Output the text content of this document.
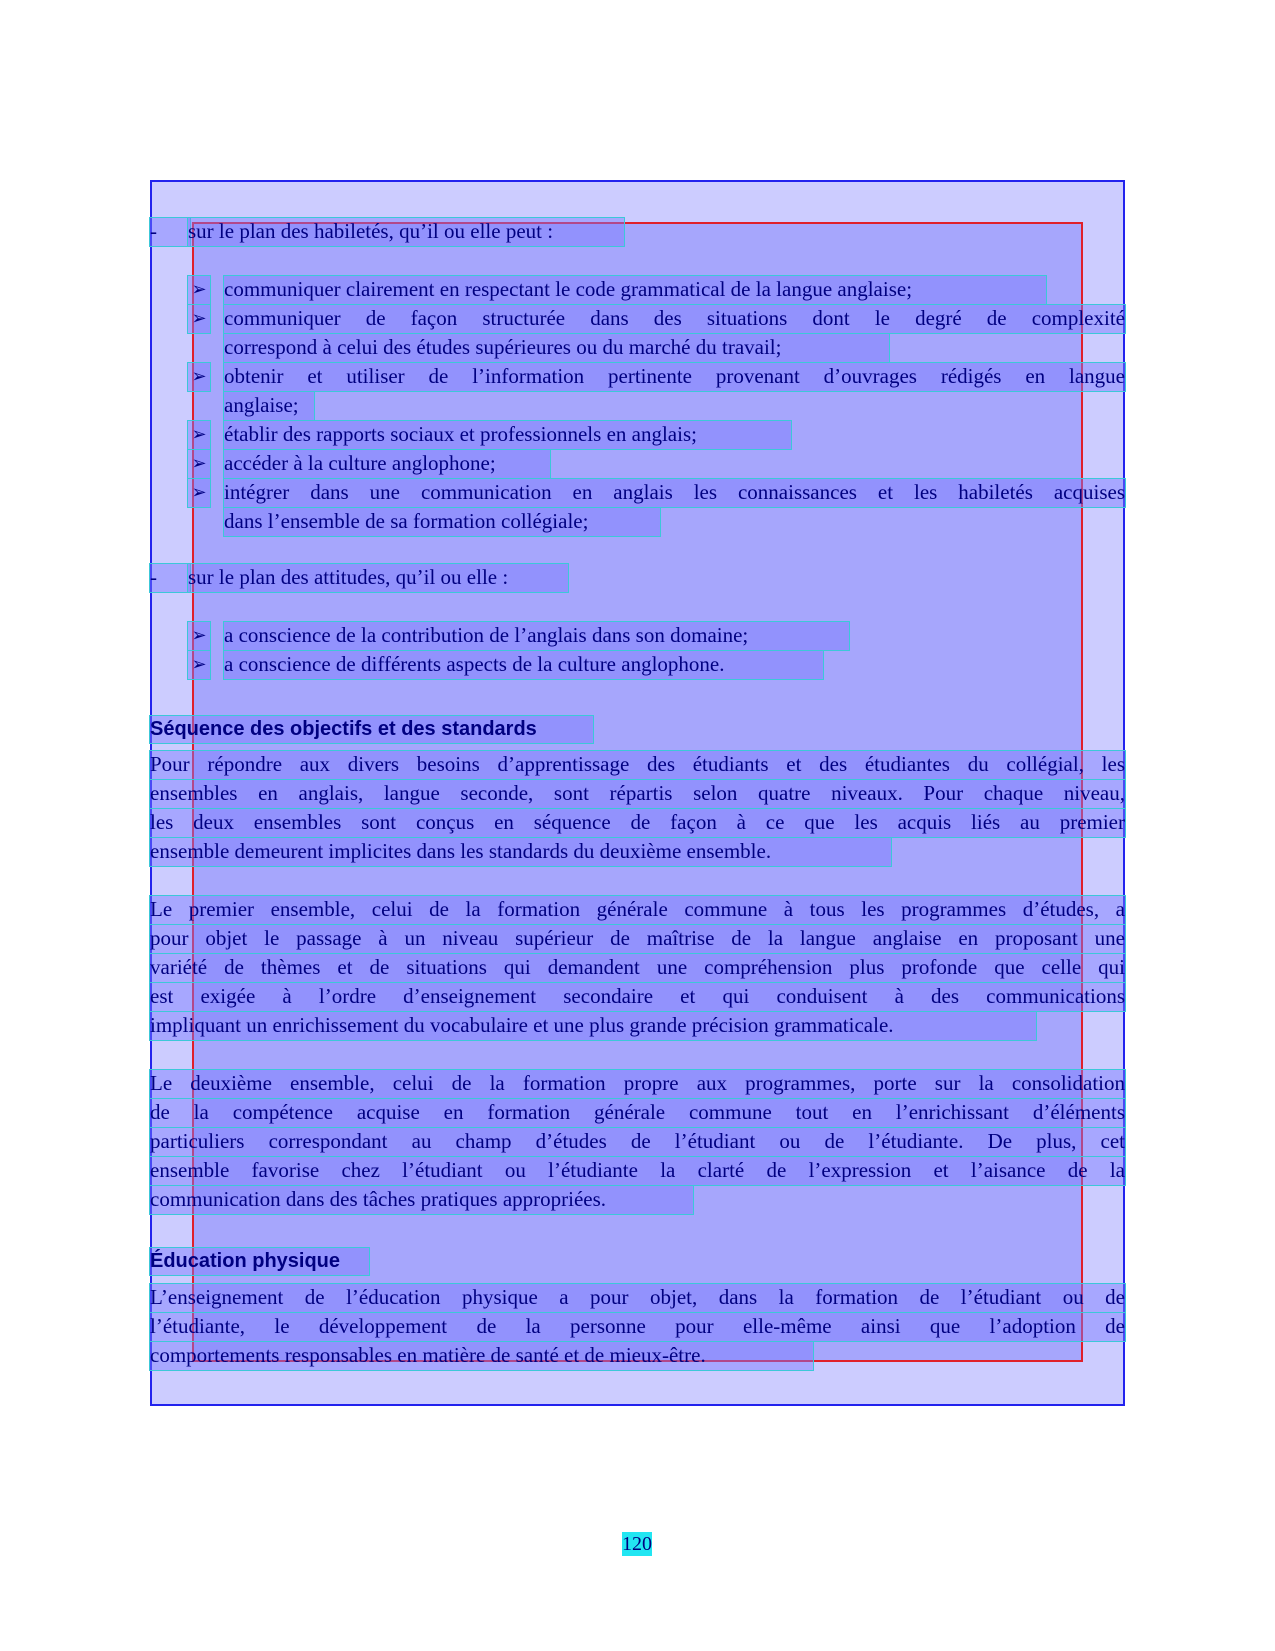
-	sur le plan des habiletés, qu’il ou elle peut :
➢ communiquer clairement en respectant le code grammatical de la langue anglaise;
➢ communiquer de façon structurée dans des situations dont le degré de complexité
correspond à celui des études supérieures ou du marché du travail;
➢ obtenir et utiliser de l’information pertinente provenant d’ouvrages rédigés en langue
anglaise;
➢ établir des rapports sociaux et professionnels en anglais;
➢ accéder à la culture anglophone;
➢ intégrer dans une communication en anglais les connaissances et les habiletés acquises
dans l’ensemble de sa formation collégiale;
-	sur le plan des attitudes, qu’il ou elle :
➢ a conscience de la contribution de l’anglais dans son domaine;
➢ a conscience de différents aspects de la culture anglophone.
Séquence des objectifs et des standards
Pour répondre aux divers besoins d’apprentissage des étudiants et des étudiantes du collégial, les
ensembles en anglais, langue seconde, sont répartis selon quatre niveaux. Pour chaque niveau,
les deux ensembles sont conçus en séquence de façon à ce que les acquis liés au premier
ensemble demeurent implicites dans les standards du deuxième ensemble.
Le premier ensemble, celui de la formation générale commune à tous les programmes d’études, a
pour objet le passage à un niveau supérieur de maîtrise de la langue anglaise en proposant une
variété de thèmes et de situations qui demandent une compréhension plus profonde que celle qui
est exigée à l’ordre d’enseignement secondaire et qui conduisent à des communications
impliquant un enrichissement du vocabulaire et une plus grande précision grammaticale.
Le deuxième ensemble, celui de la formation propre aux programmes, porte sur la consolidation
de la compétence acquise en formation générale commune tout en l’enrichissant d’éléments
particuliers correspondant au champ d’études de l’étudiant ou de l’étudiante. De plus, cet
ensemble favorise chez l’étudiant ou l’étudiante la clarté de l’expression et l’aisance de la
communication dans des tâches pratiques appropriées.
Éducation physique
L’enseignement de l’éducation physique a pour objet, dans la formation de l’étudiant ou de
l’étudiante, le développement de la personne pour elle-même ainsi que l’adoption de
comportements responsables en matière de santé et de mieux-être.
120
